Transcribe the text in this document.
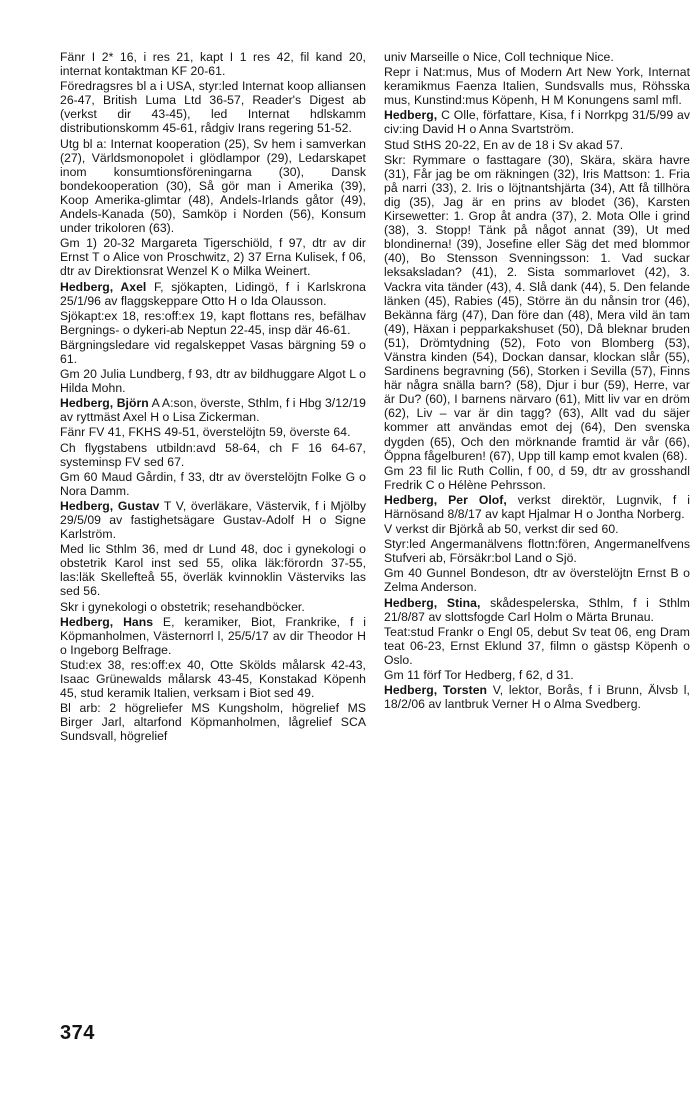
Fänr I 2* 16, i res 21, kapt I 1 res 42, fil kand 20, internat kontaktman KF 20-61.

Föredragsres bl a i USA, styr:led Internat koop alliansen 26-47, British Luma Ltd 36-57, Reader's Digest ab (verkst dir 43-45), led Internat hdlskamm distributionskomm 45-61, rådgiv Irans regering 51-52.

Utg bl a: Internat kooperation (25), Sv hem i samverkan (27), Världsmonopolet i glödlampor (29), Ledarskapet inom konsumtionsföreningarna (30), Dansk bondekooperation (30), Så gör man i Amerika (39), Koop Amerika-glimtar (48), Andels-Irlands gåtor (49), Andels-Kanada (50), Samköp i Norden (56), Konsum under trikoloren (63).

Gm 1) 20-32 Margareta Tigerschiöld, f 97, dtr av dir Ernst T o Alice von Proschwitz, 2) 37 Erna Kulisek, f 06, dtr av Direktionsrat Wenzel K o Milka Weinert.

Hedberg, Axel F, sjökapten, Lidingö, f i Karlskrona 25/1/96 av flaggskeppare Otto H o Ida Olausson.

Sjökapt:ex 18, res:off:ex 19, kapt flottans res, befälhav Bergnings- o dykeri-ab Neptun 22-45, insp där 46-61.

Bärgningsledare vid regalskeppet Vasas bärgning 59 o 61.

Gm 20 Julia Lundberg, f 93, dtr av bildhuggare Algot L o Hilda Mohn.

Hedberg, Björn A A:son, överste, Sthlm, f i Hbg 3/12/19 av ryttmäst Axel H o Lisa Zickerman.

Fänr FV 41, FKHS 49-51, överstelöjtn 59, överste 64.

Ch flygstabens utbildn:avd 58-64, ch F 16 64-67, systeminsp FV sed 67.

Gm 60 Maud Gårdin, f 33, dtr av överstelöjtn Folke G o Nora Damm.

Hedberg, Gustav T V, överläkare, Västervik, f i Mjölby 29/5/09 av fastighetsägare Gustav-Adolf H o Signe Karlström.

Med lic Sthlm 36, med dr Lund 48, doc i gynekologi o obstetrik Karol inst sed 55, olika läk:förordn 37-55, las:läk Skellefteå 55, överläk kvinnoklin Västerviks las sed 56.

Skr i gynekologi o obstetrik; resehandböcker.

Hedberg, Hans E, keramiker, Biot, Frankrike, f i Köpmanholmen, Västernorrl l, 25/5/17 av dir Theodor H o Ingeborg Belfrage.

Stud:ex 38, res:off:ex 40, Otte Skölds målarsk 42-43, Isaac Grünewalds målarsk 43-45, Konstakad Köpenh 45, stud keramik Italien, verksam i Biot sed 49.

Bl arb: 2 högreliefer MS Kungsholm, högrelief MS Birger Jarl, altarfond Köpmanholmen, lågrelief SCA Sundsvall, högrelief

univ Marseille o Nice, Coll technique Nice.

Repr i Nat:mus, Mus of Modern Art New York, Internat keramikmus Faenza Italien, Sundsvalls mus, Röhsska mus, Kunstind:mus Köpenh, H M Konungens saml mfl.

Hedberg, C Olle, författare, Kisa, f i Norrkpg 31/5/99 av civ:ing David H o Anna Svartström.

Stud StHS 20-22, En av de 18 i Sv akad 57.

Skr: Rymmare o fasttagare (30), Skära, skära havre (31), Får jag be om räkningen (32), Iris Mattson: 1. Fria på narri (33), 2. Iris o löjtnantshjärta (34), Att få tillhöra dig (35), Jag är en prins av blodet (36), Karsten Kirsewetter: 1. Grop åt andra (37), 2. Mota Olle i grind (38), 3. Stopp! Tänk på något annat (39), Ut med blondinerna! (39), Josefine eller Säg det med blommor (40), Bo Stensson Svenningsson: 1. Vad suckar leksaksladan? (41), 2. Sista sommarlovet (42), 3. Vackra vita tänder (43), 4. Slå dank (44), 5. Den felande länken (45), Rabies (45), Större än du nånsin tror (46), Bekänna färg (47), Dan före dan (48), Mera vild än tam (49), Häxan i pepparkakshuset (50), Då bleknar bruden (51), Drömtydning (52), Foto von Blomberg (53), Vänstra kinden (54), Dockan dansar, klockan slår (55), Sardinens begravning (56), Storken i Sevilla (57), Finns här några snälla barn? (58), Djur i bur (59), Herre, var är Du? (60), I barnens närvaro (61), Mitt liv var en dröm (62), Liv – var är din tagg? (63), Allt vad du säjer kommer att användas emot dej (64), Den svenska dygden (65), Och den mörknande framtid är vår (66), Öppna fågelburen! (67), Upp till kamp emot kvalen (68).

Gm 23 fil lic Ruth Collin, f 00, d 59, dtr av grosshandl Fredrik C o Hélène Pehrsson.

Hedberg, Per Olof, verkst direktör, Lugnvik, f i Härnösand 8/8/17 av kapt Hjalmar H o Jontha Norberg.

V verkst dir Björkå ab 50, verkst dir sed 60.

Styr:led Angermanälvens flottn:fören, Angermanelfvens Stufveri ab, Försäkr:bol Land o Sjö.

Gm 40 Gunnel Bondeson, dtr av överstelöjtn Ernst B o Zelma Anderson.

Hedberg, Stina, skådespelerska, Sthlm, f i Sthlm 21/8/87 av slottsfogde Carl Holm o Märta Brunau.

Teat:stud Frankr o Engl 05, debut Sv teat 06, eng Dram teat 06-23, Ernst Eklund 37, filmn o gästsp Köpenh o Oslo.

Gm 11 förf Tor Hedberg, f 62, d 31.

Hedberg, Torsten V, lektor, Borås, f i Brunn, Älvsb l, 18/2/06 av lantbruk Verner H o Alma Svedberg.

374
